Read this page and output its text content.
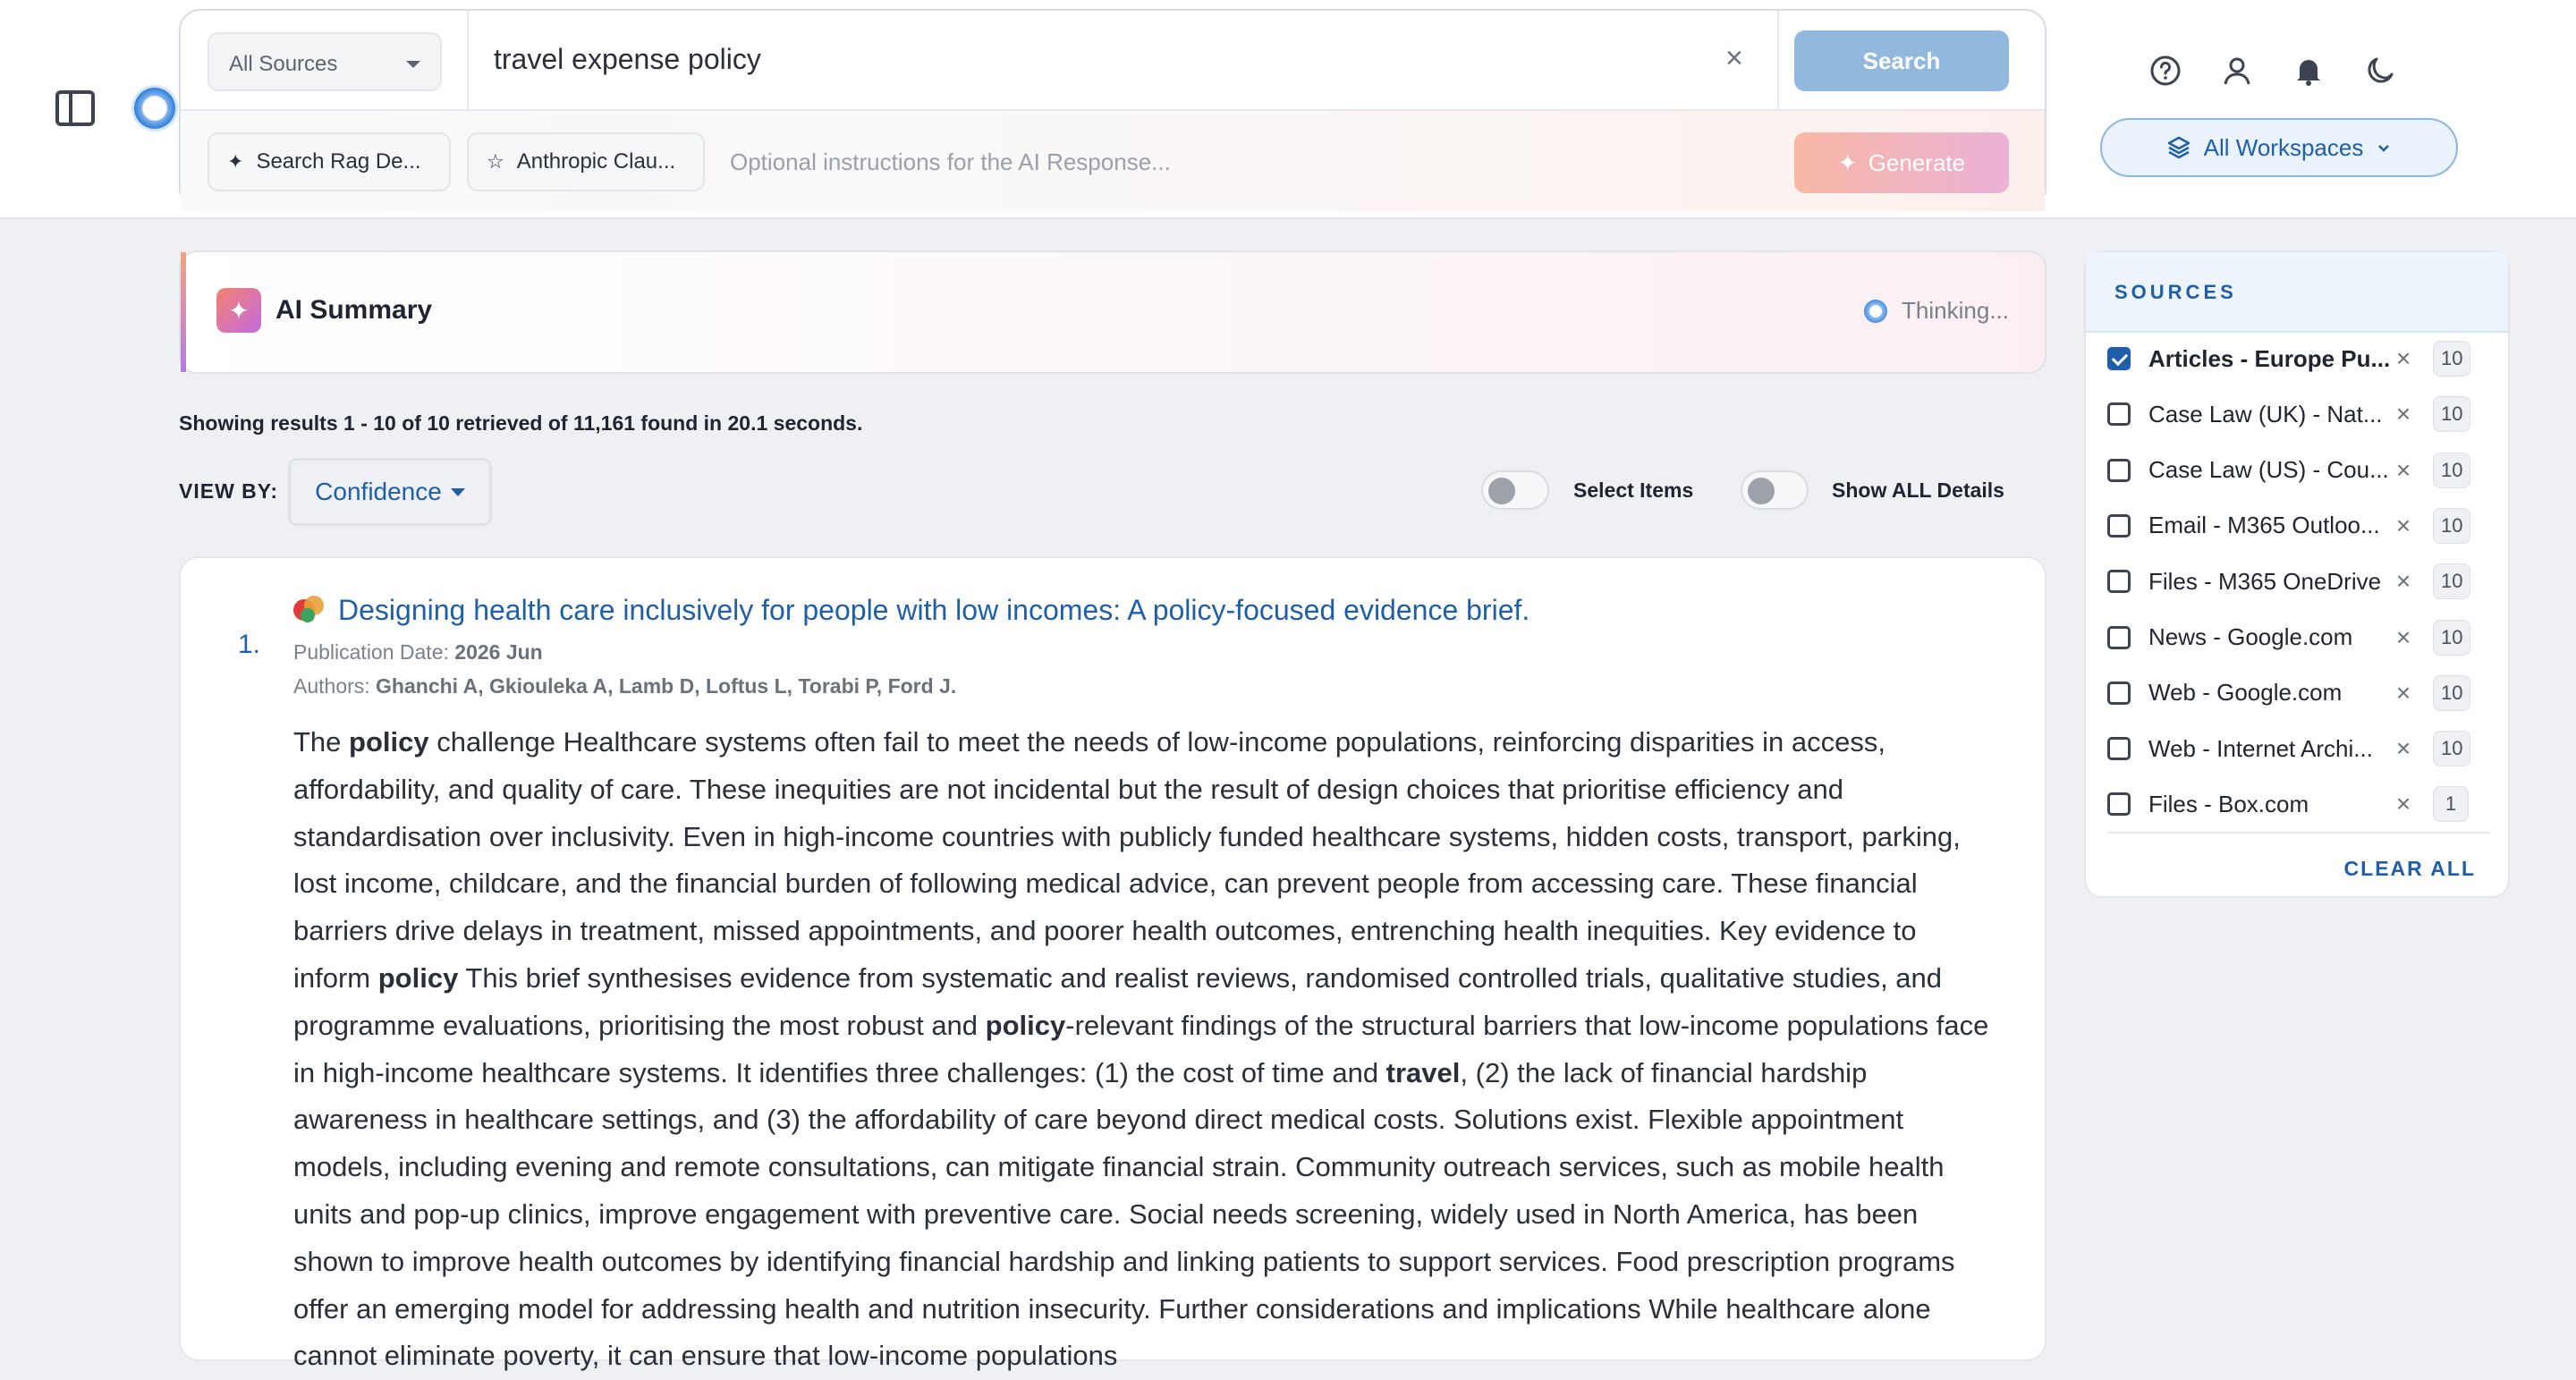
All Sources	travel expense policy	×	Search
✦ Search Rag De...	☆ Anthropic Clau... Optional instructions for the AI Response...	✦ Generate
All Workspaces
✦ AI Summary	Thinking...
Showing results 1 - 10 of 10 retrieved of 11,161 found in 20.1 seconds.
VIEW BY: Confidence	Select Items	Show ALL Details
1.
Designing health care inclusively for people with low incomes: A policy-focused evidence brief.
Publication Date: 2026 Jun
Authors: Ghanchi A, Gkiouleka A, Lamb D, Loftus L, Torabi P, Ford J.
The policy challenge Healthcare systems often fail to meet the needs of low-income populations, reinforcing disparities in access, affordability, and quality of care. These inequities are not incidental but the result of design choices that prioritise efficiency and standardisation over inclusivity. Even in high-income countries with publicly funded healthcare systems, hidden costs, transport, parking, lost income, childcare, and the financial burden of following medical advice, can prevent people from accessing care. These financial barriers drive delays in treatment, missed appointments, and poorer health outcomes, entrenching health inequities. Key evidence to inform policy This brief synthesises evidence from systematic and realist reviews, randomised controlled trials, qualitative studies, and programme evaluations, prioritising the most robust and policy-relevant findings of the structural barriers that low-income populations face in high-income healthcare systems. It identifies three challenges: (1) the cost of time and travel, (2) the lack of financial hardship awareness in healthcare settings, and (3) the affordability of care beyond direct medical costs. Solutions exist. Flexible appointment models, including evening and remote consultations, can mitigate financial strain. Community outreach services, such as mobile health units and pop-up clinics, improve engagement with preventive care. Social needs screening, widely used in North America, has been shown to improve health outcomes by identifying financial hardship and linking patients to support services. Food prescription programs offer an emerging model for addressing health and nutrition insecurity. Further considerations and implications While healthcare alone cannot eliminate poverty, it can ensure that low-income populations
SOURCES
Articles - Europe Pu... ×	10
Case Law (UK) - Nat... ×	10
Case Law (US) - Cou... ×	10
Email - M365 Outloo... ×	10
Files - M365 OneDrive ×	10
News - Google.com	×	10
Web - Google.com	×	10
Web - Internet Archi... ×	10
Files - Box.com	×	1
CLEAR ALL
